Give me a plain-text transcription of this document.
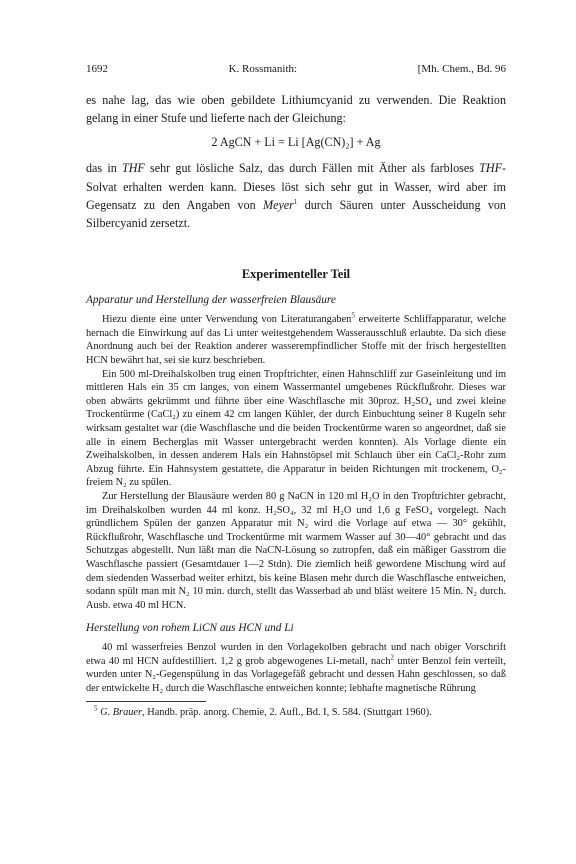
1692	K. Rossmanith:	[Mh. Chem., Bd. 96

es nahe lag, das wie oben gebildete Lithiumcyanid zu verwenden. Die Reaktion gelang in einer Stufe und lieferte nach der Gleichung:

2 AgCN + Li = Li [Ag(CN)₂] + Ag

das in THF sehr gut lösliche Salz, das durch Fällen mit Äther als farbloses THF-Solvat erhalten werden kann. Dieses löst sich sehr gut in Wasser, wird aber im Gegensatz zu den Angaben von Meyer$^1$ durch Säuren unter Ausscheidung von Silbercyanid zersetzt.

Experimenteller Teil
Apparatur und Herstellung der wasserfreien Blausäure

Hiezu diente eine unter Verwendung von Literaturangaben$^5$ erweiterte Schliffapparatur, welche hernach die Einwirkung auf das Li unter weitestgehendem Wasserausschluß erlaubte. Da sich diese Anordnung auch bei der Reaktion anderer wasserempfindlicher Stoffe mit der frisch hergestellten HCN bewährt hat, sei sie kurz beschrieben.

Ein 500 ml-Dreihalskolben trug einen Tropftrichter, einen Hahnschliff zur Gaseinleitung und im mittleren Hals ein 35 cm langes, von einem Wassermantel umgebenes Rückflußrohr. Dieses war oben abwärts gekrümmt und führte über eine Waschflasche mit 30proz. H₂SO₄ und zwei kleine Trockentürme (CaCl₂) zu einem 42 cm langen Kühler, der durch Einbuchtung seiner 8 Kugeln sehr wirksam gestaltet war (die Waschflasche und die beiden Trockentürme waren so angeordnet, daß sie alle in einem Becherglas mit Wasser untergebracht werden konnten). Als Vorlage diente ein Zweihalskolben, in dessen anderem Hals ein Hahnstöpsel mit Schlauch über ein CaCl₂-Rohr zum Abzug führte. Ein Hahnsystem gestattete, die Apparatur in beiden Richtungen mit trockenem, O₂-freiem N₂ zu spülen.

Zur Herstellung der Blausäure werden 80 g NaCN in 120 ml H₂O in den Tropftrichter gebracht, im Dreihalskolben wurden 44 ml konz. H₂SO₄, 32 ml H₂O und 1,6 g FeSO₄ vorgelegt. Nach gründlichem Spülen der ganzen Apparatur mit N₂ wird die Vorlage auf etwa — 30° gekühlt, Rückflußrohr, Waschflasche und Trockentürme mit warmem Wasser auf 30—40° gebracht und das Schutzgas abgestellt. Nun läßt man die NaCN-Lösung so zutropfen, daß ein mäßiger Gasstrom die Waschflasche passiert (Gesamtdauer 1—2 Stdn). Die ziemlich heiß gewordene Mischung wird auf dem siedenden Wasserbad weiter erhitzt, bis keine Blasen mehr durch die Waschflasche entweichen, sodann spült man mit N₂ 10 min. durch, stellt das Wasserbad ab und bläst weitere 15 Min. N₂ durch. Ausb. etwa 40 ml HCN.

Herstellung von rohem LiCN aus HCN und Li

40 ml wasserfreies Benzol wurden in den Vorlagekolben gebracht und nach obiger Vorschrift etwa 40 ml HCN aufdestilliert. 1,2 g grob abgewogenes Li-metall, nach$^2$ unter Benzol fein verteilt, wurden unter N₂-Gegenspülung in das Vorlagegefäß gebracht und dessen Hahn geschlossen, so daß der entwickelte H₂ durch die Waschflasche entweichen konnte; lebhafte magnetische Rührung

$^5$ G. Brauer, Handb. präp. anorg. Chemie, 2. Aufl., Bd. I, S. 584. (Stuttgart 1960).
